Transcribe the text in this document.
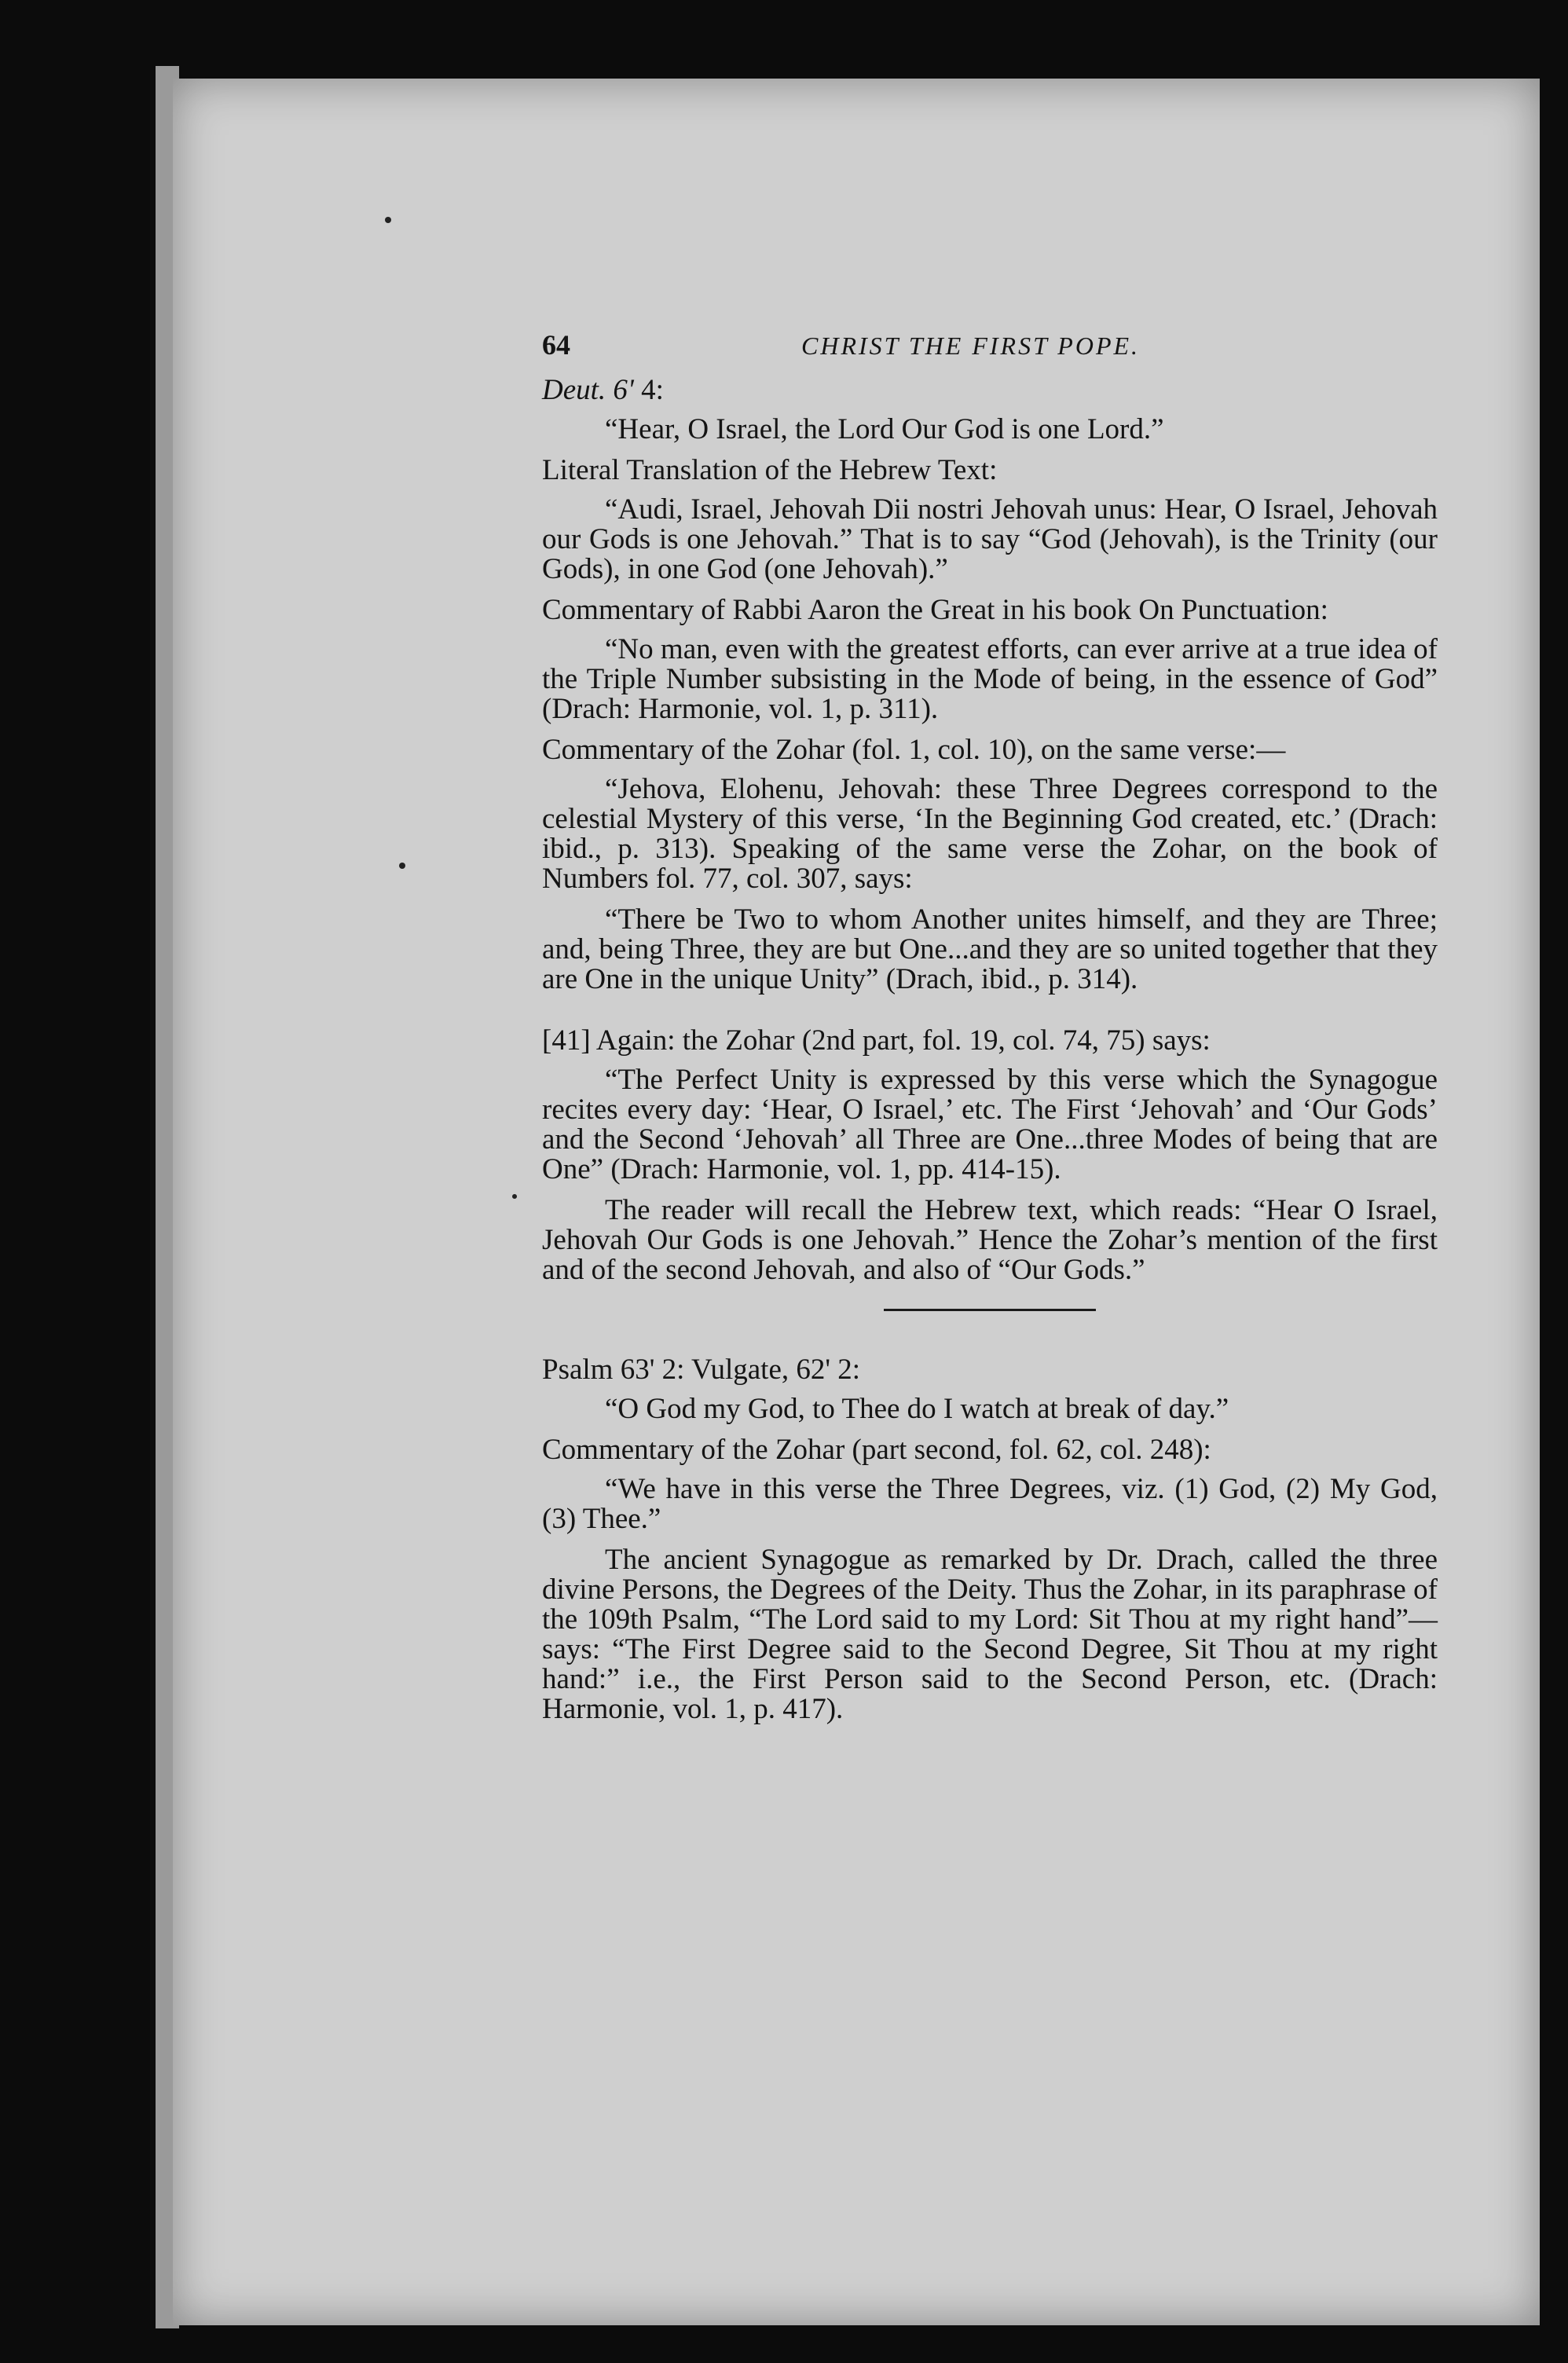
64	CHRIST THE FIRST POPE.

Deut. 6' 4:

“Hear, O Israel, the Lord Our God is one Lord.”

Literal Translation of the Hebrew Text:

“Audi, Israel, Jehovah Dii nostri Jehovah unus: Hear, O Israel, Jehovah our Gods is one Jehovah.” That is to say “God (Jehovah), is the Trinity (our Gods), in one God (one Jehovah).”

Commentary of Rabbi Aaron the Great in his book On Punctuation:

“No man, even with the greatest efforts, can ever arrive at a true idea of the Triple Number subsisting in the Mode of being, in the essence of God” (Drach: Harmonie, vol. 1, p. 311).

Commentary of the Zohar (fol. 1, col. 10), on the same verse:—

“Jehova, Elohenu, Jehovah: these Three Degrees correspond to the celestial Mystery of this verse, ‘In the Beginning God created, etc.’ (Drach: ibid., p. 313). Speaking of the same verse the Zohar, on the book of Numbers fol. 77, col. 307, says:

“There be Two to whom Another unites himself, and they are Three; and, being Three, they are but One...and they are so united together that they are One in the unique Unity” (Drach, ibid., p. 314).

[41] Again: the Zohar (2nd part, fol. 19, col. 74, 75) says:

“The Perfect Unity is expressed by this verse which the Synagogue recites every day: ‘Hear, O Israel,’ etc. The First ‘Jehovah’ and ‘Our Gods’ and the Second ‘Jehovah’ all Three are One...three Modes of being that are One” (Drach: Harmonie, vol. 1, pp. 414-15).

The reader will recall the Hebrew text, which reads: “Hear O Israel, Jehovah Our Gods is one Jehovah.” Hence the Zohar’s mention of the first and of the second Jehovah, and also of “Our Gods.”

Psalm 63' 2: Vulgate, 62' 2:

“O God my God, to Thee do I watch at break of day.”

Commentary of the Zohar (part second, fol. 62, col. 248):

“We have in this verse the Three Degrees, viz. (1) God, (2) My God, (3) Thee.”

The ancient Synagogue as remarked by Dr. Drach, called the three divine Persons, the Degrees of the Deity. Thus the Zohar, in its paraphrase of the 109th Psalm, “The Lord said to my Lord: Sit Thou at my right hand”—says: “The First Degree said to the Second Degree, Sit Thou at my right hand:” i.e., the First Person said to the Second Person, etc. (Drach: Harmonie, vol. 1, p. 417).
